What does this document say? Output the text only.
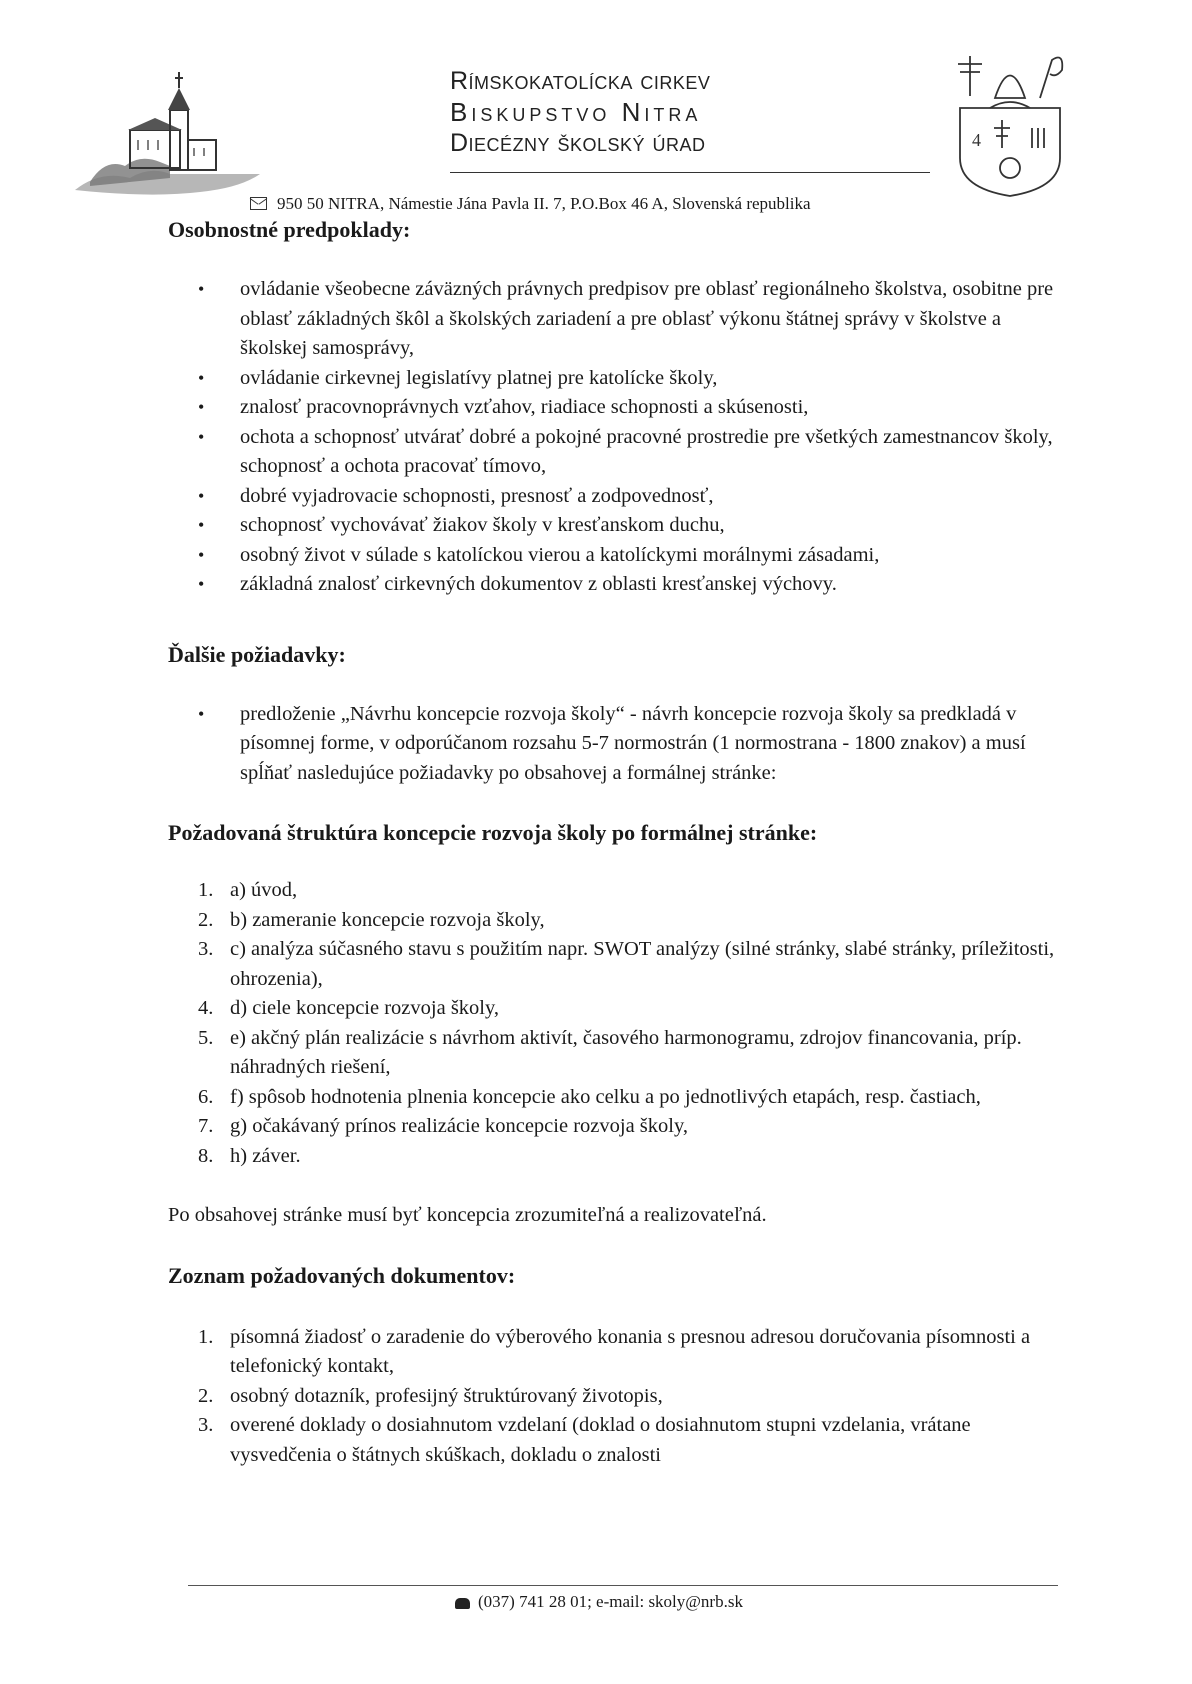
Rímskokatolícka cirkev
Biskupstvo Nitra
Diecézny školský úrad	4
950 50 NITRA, Námestie Jána Pavla II. 7, P.O.Box 46 A, Slovenská republika
Osobnostné predpoklady:
• ovládanie všeobecne záväzných právnych predpisov pre oblasť regionálneho školstva, osobitne pre oblasť základných škôl a školských zariadení a pre oblasť výkonu štátnej správy v školstve a školskej samosprávy,
• ovládanie cirkevnej legislatívy platnej pre katolícke školy,
• znalosť pracovnoprávnych vzťahov, riadiace schopnosti a skúsenosti,
• ochota a schopnosť utvárať dobré a pokojné pracovné prostredie pre všetkých zamestnancov školy, schopnosť a ochota pracovať tímovo,
• dobré vyjadrovacie schopnosti, presnosť a zodpovednosť,
• schopnosť vychovávať žiakov školy v kresťanskom duchu,
• osobný život v súlade s katolíckou vierou a katolíckymi morálnymi zásadami,
• základná znalosť cirkevných dokumentov z oblasti kresťanskej výchovy.
Ďalšie požiadavky:
• predloženie „Návrhu koncepcie rozvoja školy“ - návrh koncepcie rozvoja školy sa predkladá v písomnej forme, v odporúčanom rozsahu 5-7 normostrán (1 normostrana - 1800 znakov) a musí spĺňať nasledujúce požiadavky po obsahovej a formálnej stránke:
Požadovaná štruktúra koncepcie rozvoja školy po formálnej stránke:
1. a) úvod,
2. b) zameranie koncepcie rozvoja školy,
3. c) analýza súčasného stavu s použitím napr. SWOT analýzy (silné stránky, slabé stránky, príležitosti, ohrozenia),
4. d) ciele koncepcie rozvoja školy,
5. e) akčný plán realizácie s návrhom aktivít, časového harmonogramu, zdrojov financovania, príp. náhradných riešení,
6. f) spôsob hodnotenia plnenia koncepcie ako celku a po jednotlivých etapách, resp. častiach,
7. g) očakávaný prínos realizácie koncepcie rozvoja školy,
8. h) záver.
Po obsahovej stránke musí byť koncepcia zrozumiteľná a realizovateľná.
Zoznam požadovaných dokumentov:
1. písomná žiadosť o zaradenie do výberového konania s presnou adresou doručovania písomnosti a telefonický kontakt,
2. osobný dotazník, profesijný štruktúrovaný životopis,
3. overené doklady o dosiahnutom vzdelaní (doklad o dosiahnutom stupni vzdelania, vrátane vysvedčenia o štátnych skúškach, dokladu o znalosti
(037) 741 28 01; e-mail: skoly@nrb.sk
